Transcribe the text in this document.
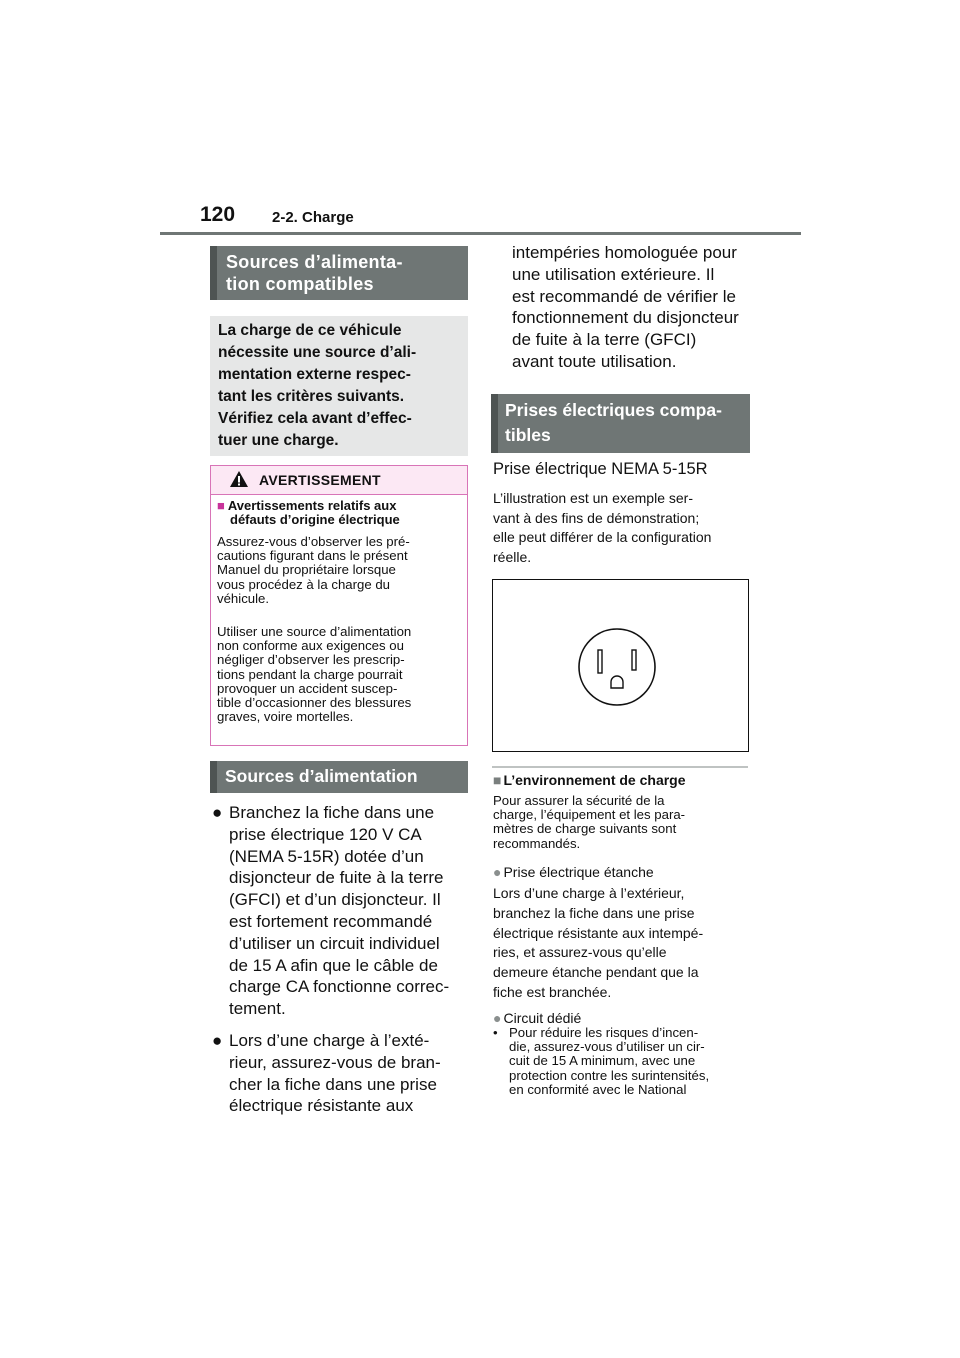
120 2-2. Charge
Sources d’alimenta-
tion compatibles
La charge de ce véhicule
nécessite une source d’ali-
mentation externe respec-
tant les critères suivants.
Vérifiez cela avant d’effec-
tuer une charge.
AVERTISSEMENT
■ Avertissements relatifs aux
défauts d’origine électrique
Assurez-vous d’observer les pré-
cautions figurant dans le présent
Manuel du propriétaire lorsque
vous procédez à la charge du
véhicule.
Utiliser une source d’alimentation
non conforme aux exigences ou
négliger d’observer les prescrip-
tions pendant la charge pourrait
provoquer un accident suscep-
tible d’occasionner des blessures
graves, voire mortelles.
Sources d’alimentation
● Branchez la fiche dans une
prise électrique 120 V CA
(NEMA 5-15R) dotée d’un
disjoncteur de fuite à la terre
(GFCI) et d’un disjoncteur. Il
est fortement recommandé
d’utiliser un circuit individuel
de 15 A afin que le câble de
charge CA fonctionne correc-
tement.
● Lors d’une charge à l’exté-
rieur, assurez-vous de bran-
cher la fiche dans une prise
électrique résistante aux
intempéries homologuée pour
une utilisation extérieure. Il
est recommandé de vérifier le
fonctionnement du disjoncteur
de fuite à la terre (GFCI)
avant toute utilisation.
Prises électriques compa-
tibles
Prise électrique NEMA 5-15R
L’illustration est un exemple ser-
vant à des fins de démonstration;
elle peut différer de la configuration
réelle.
■ L’environnement de charge
Pour assurer la sécurité de la
charge, l’équipement et les para-
mètres de charge suivants sont
recommandés.
● Prise électrique étanche
Lors d’une charge à l’extérieur,
branchez la fiche dans une prise
électrique résistante aux intempé-
ries, et assurez-vous qu’elle
demeure étanche pendant que la
fiche est branchée.
● Circuit dédié
• Pour réduire les risques d’incen-
die, assurez-vous d’utiliser un cir-
cuit de 15 A minimum, avec une
protection contre les surintensités,
en conformité avec le National
